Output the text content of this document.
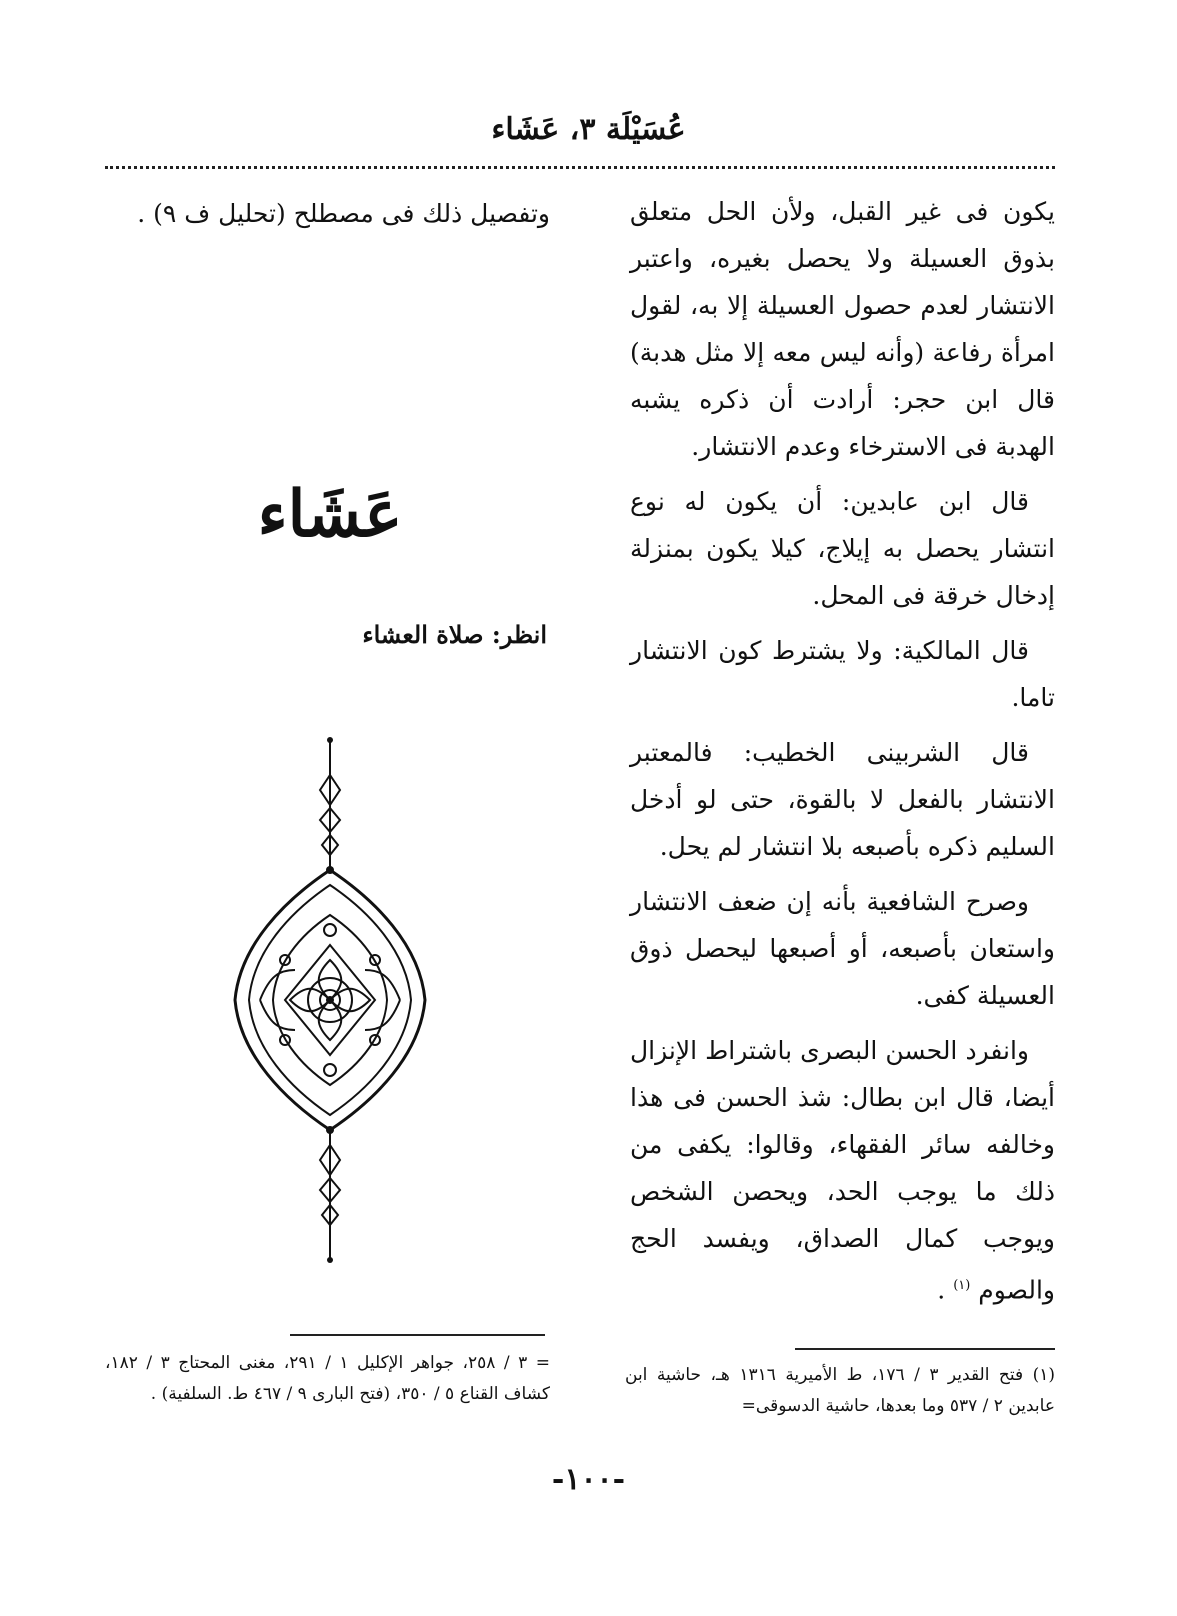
عُسَيْلَة ٣، عَشَاء

يكون فى غير القبل، ولأن الحل متعلق بذوق العسيلة ولا يحصل بغيره، واعتبر الانتشار لعدم حصول العسيلة إلا به، لقول امرأة رفاعة (وأنه ليس معه إلا مثل هدبة) قال ابن حجر: أرادت أن ذكره يشبه الهدبة فى الاسترخاء وعدم الانتشار.

قال ابن عابدين: أن يكون له نوع انتشار يحصل به إيلاج، كيلا يكون بمنزلة إدخال خرقة فى المحل.

قال المالكية: ولا يشترط كون الانتشار تاما.

قال الشربينى الخطيب: فالمعتبر الانتشار بالفعل لا بالقوة، حتى لو أدخل السليم ذكره بأصبعه بلا انتشار لم يحل.

وصرح الشافعية بأنه إن ضعف الانتشار واستعان بأصبعه، أو أصبعها ليحصل ذوق العسيلة كفى.

وانفرد الحسن البصرى باشتراط الإنزال أيضا، قال ابن بطال: شذ الحسن فى هذا وخالفه سائر الفقهاء، وقالوا: يكفى من ذلك ما يوجب الحد، ويحصن الشخص ويوجب كمال الصداق، ويفسد الحج والصوم $^{(١)}$ .

وتفصيل ذلك فى مصطلح (تحليل ف ٩) .

عَشَاء
انظر: صلاة العشاء

= ٣ / ٢٥٨، جواهر الإكليل ١ / ٢٩١، مغنى المحتاج ٣ / ١٨٢، كشاف القناع ٥ / ٣٥٠، (فتح البارى ٩ / ٤٦٧ ط. السلفية) .

(١) فتح القدير ٣ / ١٧٦، ط الأميرية ١٣١٦ هـ، حاشية ابن عابدين ٢ / ٥٣٧ وما بعدها، حاشية الدسوقى=

-١٠٠-
